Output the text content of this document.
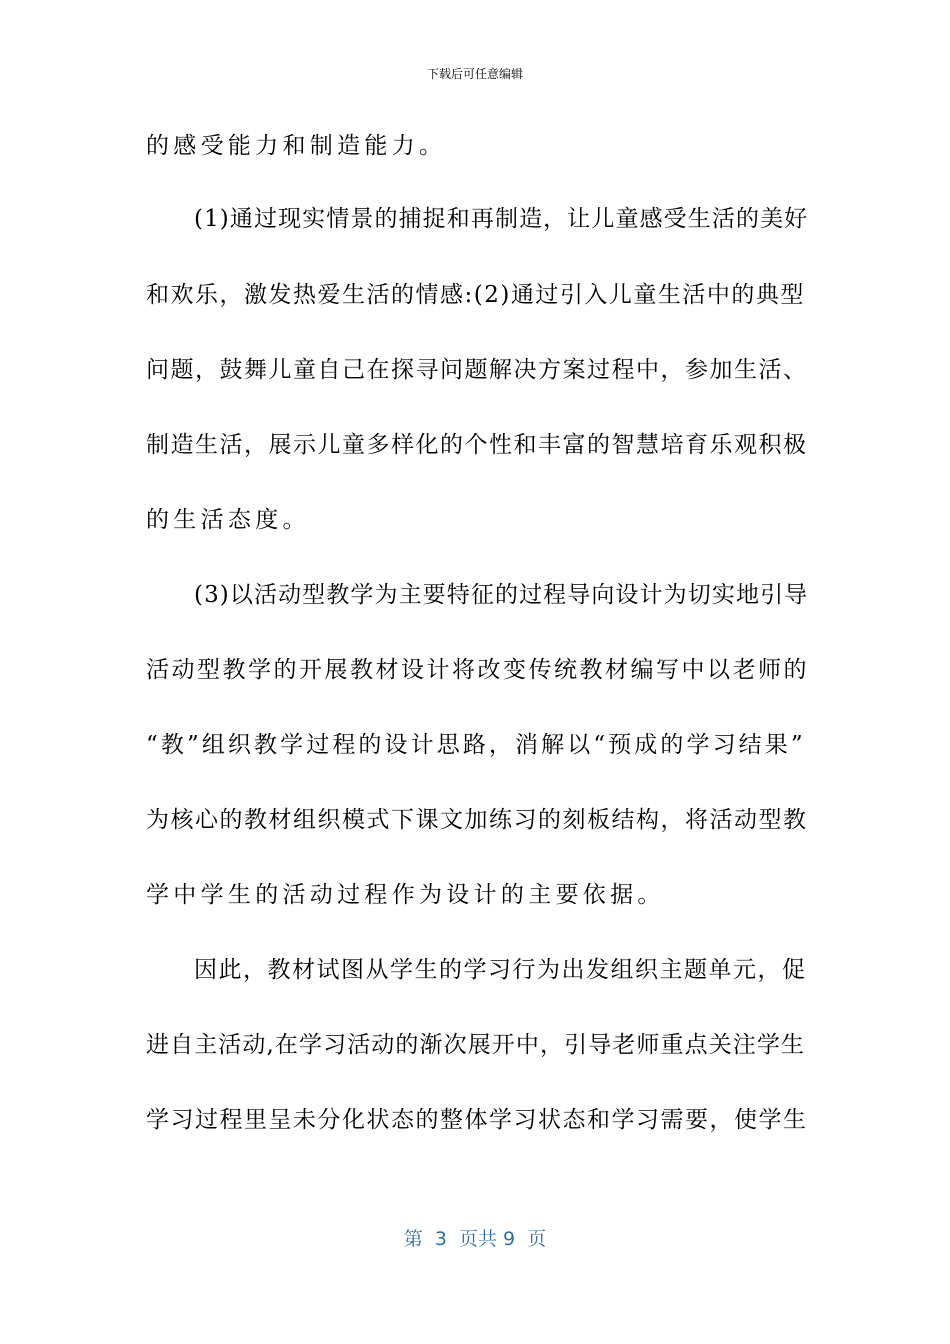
下载后可任意编辑
的感受能力和制造能力。
(1)通过现实情景的捕捉和再制造，让儿童感受生活的美好
和欢乐，激发热爱生活的情感:(2)通过引入儿童生活中的典型
问题，鼓舞儿童自己在探寻问题解决方案过程中，参加生活、
制造生活，展示儿童多样化的个性和丰富的智慧培育乐观积极
的生活态度。
(3)以活动型教学为主要特征的过程导向设计为切实地引导
活动型教学的开展教材设计将改变传统教材编写中以老师的
“教”组织教学过程的设计思路，消解以“预成的学习结果”
为核心的教材组织模式下课文加练习的刻板结构，将活动型教
学中学生的活动过程作为设计的主要依据。
因此，教材试图从学生的学习行为出发组织主题单元，促
进自主活动,在学习活动的渐次展开中，引导老师重点关注学生
学习过程里呈未分化状态的整体学习状态和学习需要，使学生
第  3  页共 9  页
